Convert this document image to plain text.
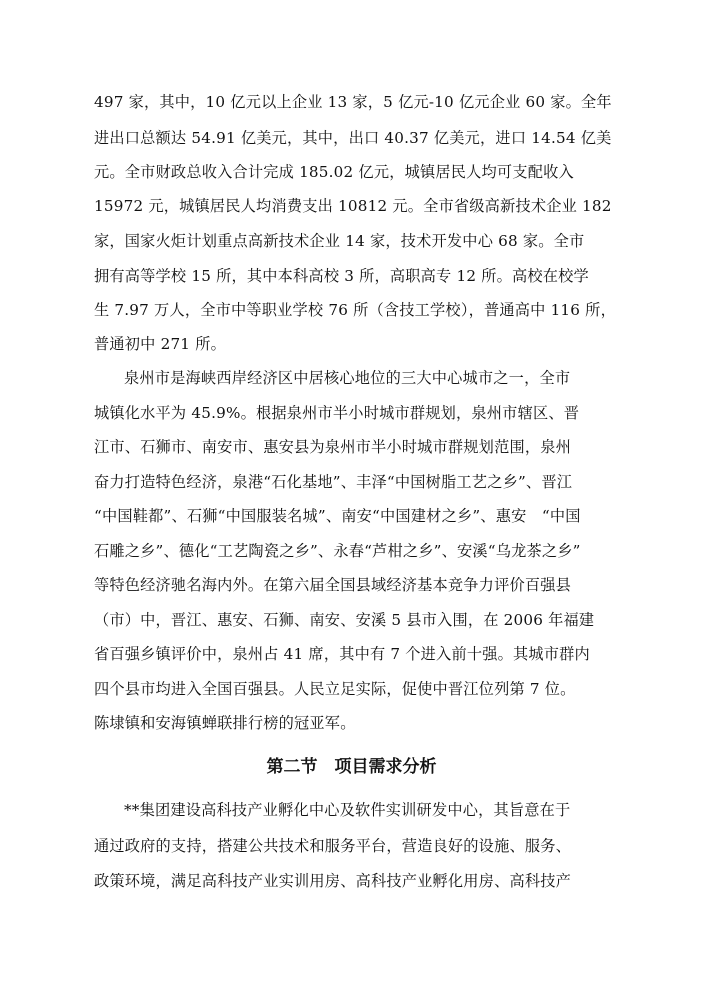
497 家，其中，10 亿元以上企业 13 家，5 亿元-10 亿元企业 60 家。全年
进出口总额达 54.91 亿美元，其中，出口 40.37 亿美元，进口 14.54 亿美
元。全市财政总收入合计完成 185.02 亿元，城镇居民人均可支配收入
15972 元，城镇居民人均消费支出 10812 元。全市省级高新技术企业 182
家，国家火炬计划重点高新技术企业 14 家，技术开发中心 68 家。全市
拥有高等学校 15 所，其中本科高校 3 所，高职高专 12 所。高校在校学
生 7.97 万人，全市中等职业学校 76 所（含技工学校），普通高中 116 所，
普通初中 271 所。
泉州市是海峡西岸经济区中居核心地位的三大中心城市之一，全市
城镇化水平为 45.9%。根据泉州市半小时城市群规划，泉州市辖区、晋
江市、石狮市、南安市、惠安县为泉州市半小时城市群规划范围，泉州
奋力打造特色经济，泉港“石化基地”、丰泽“中国树脂工艺之乡”、晋江
“中国鞋都”、石狮“中国服装名城”、南安“中国建材之乡”、惠安　“中国
石雕之乡”、德化“工艺陶瓷之乡”、永春“芦柑之乡”、安溪“乌龙茶之乡”
等特色经济驰名海内外。在第六届全国县域经济基本竞争力评价百强县
（市）中，晋江、惠安、石狮、南安、安溪 5 县市入围，在 2006 年福建
省百强乡镇评价中，泉州占 41 席，其中有 7 个进入前十强。其城市群内
四个县市均进入全国百强县。人民立足实际，促使中晋江位列第 7 位。
陈埭镇和安海镇蝉联排行榜的冠亚军。
第二节　项目需求分析
**集团建设高科技产业孵化中心及软件实训研发中心，其旨意在于
通过政府的支持，搭建公共技术和服务平台，营造良好的设施、服务、
政策环境，满足高科技产业实训用房、高科技产业孵化用房、高科技产
